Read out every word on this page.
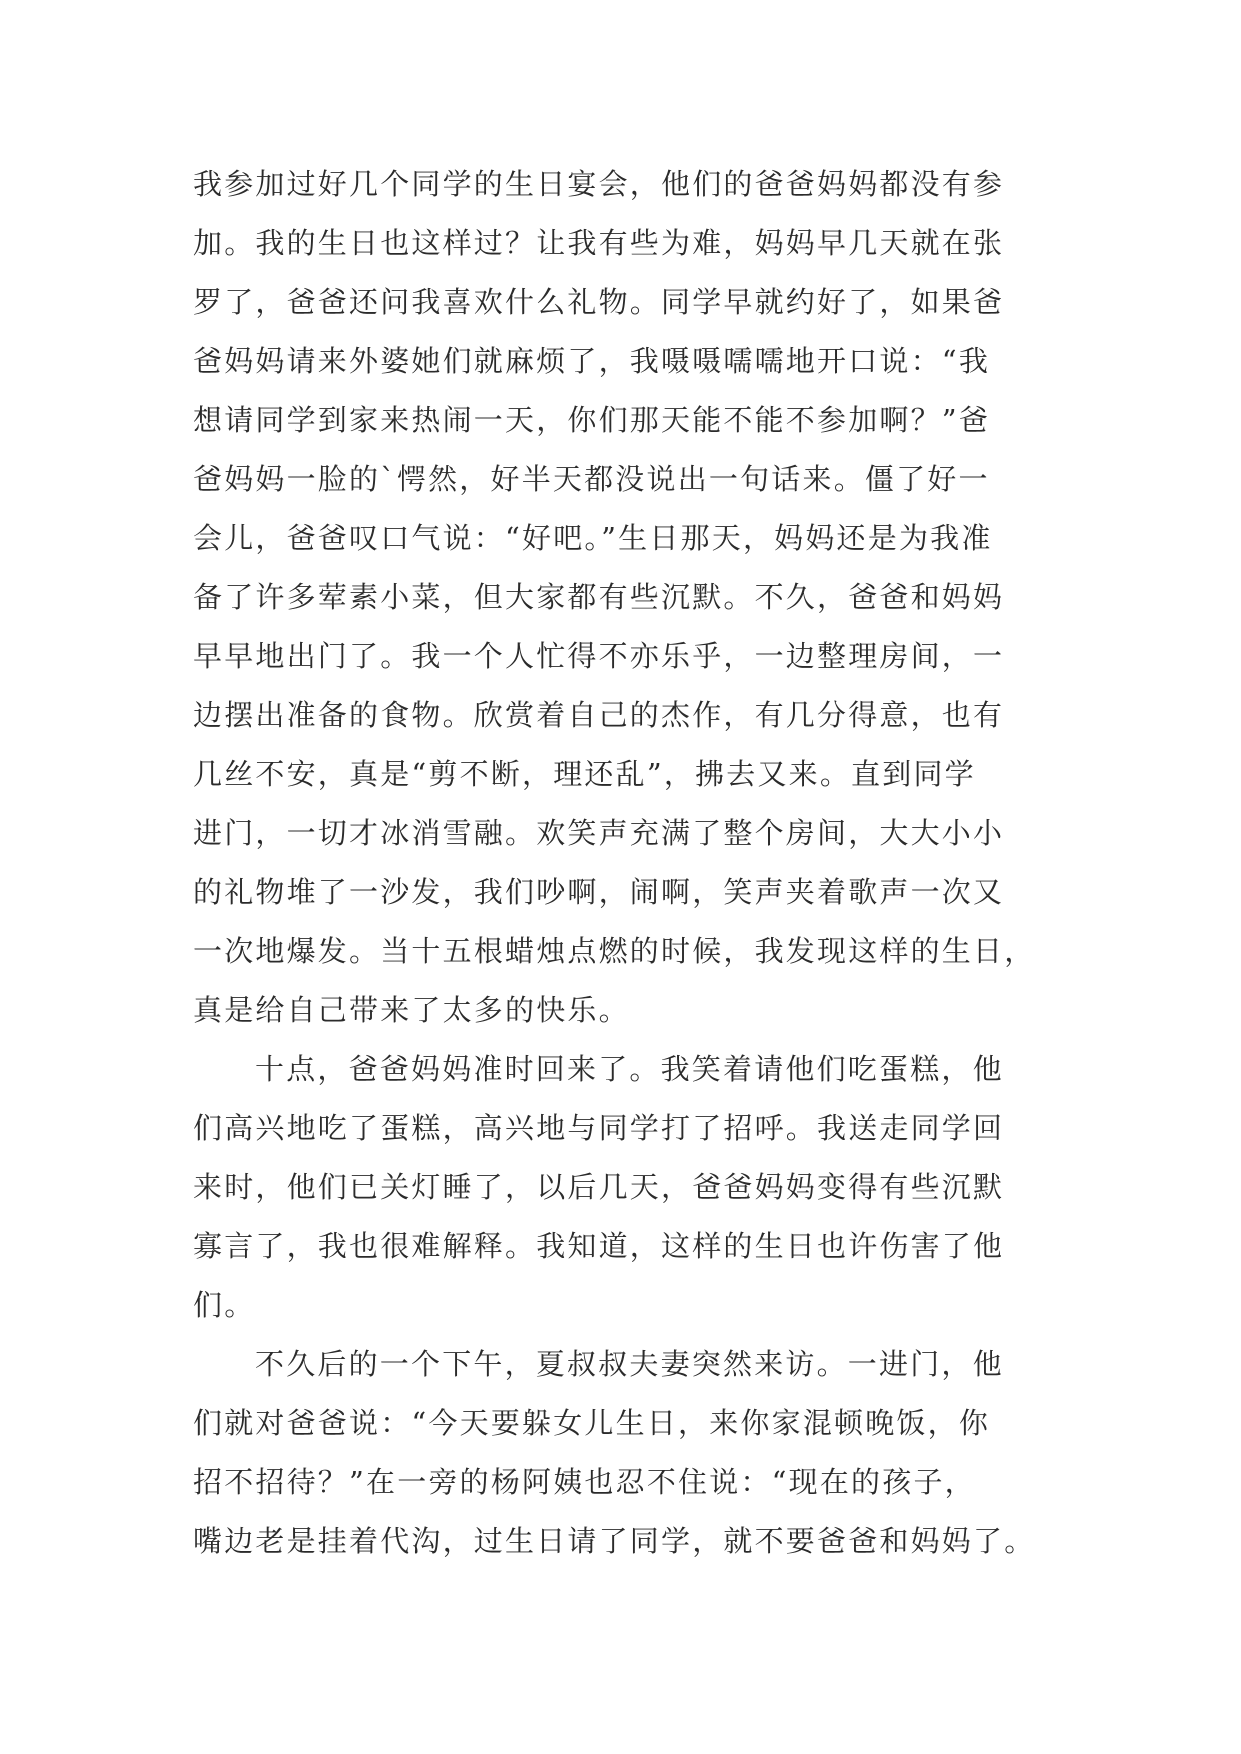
我参加过好几个同学的生日宴会，他们的爸爸妈妈都没有参
加。我的生日也这样过？让我有些为难，妈妈早几天就在张
罗了，爸爸还问我喜欢什么礼物。同学早就约好了，如果爸
爸妈妈请来外婆她们就麻烦了，我嗫嗫嚅嚅地开口说：“我
想请同学到家来热闹一天，你们那天能不能不参加啊？”爸
爸妈妈一脸的`愕然，好半天都没说出一句话来。僵了好一
会儿，爸爸叹口气说：“好吧。”生日那天，妈妈还是为我准
备了许多荤素小菜，但大家都有些沉默。不久，爸爸和妈妈
早早地出门了。我一个人忙得不亦乐乎，一边整理房间，一
边摆出准备的食物。欣赏着自己的杰作，有几分得意，也有
几丝不安，真是“剪不断，理还乱”，拂去又来。直到同学
进门，一切才冰消雪融。欢笑声充满了整个房间，大大小小
的礼物堆了一沙发，我们吵啊，闹啊，笑声夹着歌声一次又
一次地爆发。当十五根蜡烛点燃的时候，我发现这样的生日，
真是给自己带来了太多的快乐。
十点，爸爸妈妈准时回来了。我笑着请他们吃蛋糕，他
们高兴地吃了蛋糕，高兴地与同学打了招呼。我送走同学回
来时，他们已关灯睡了，以后几天，爸爸妈妈变得有些沉默
寡言了，我也很难解释。我知道，这样的生日也许伤害了他
们。
不久后的一个下午，夏叔叔夫妻突然来访。一进门，他
们就对爸爸说：“今天要躲女儿生日，来你家混顿晚饭，你
招不招待？”在一旁的杨阿姨也忍不住说：“现在的孩子，
嘴边老是挂着代沟，过生日请了同学，就不要爸爸和妈妈了。
